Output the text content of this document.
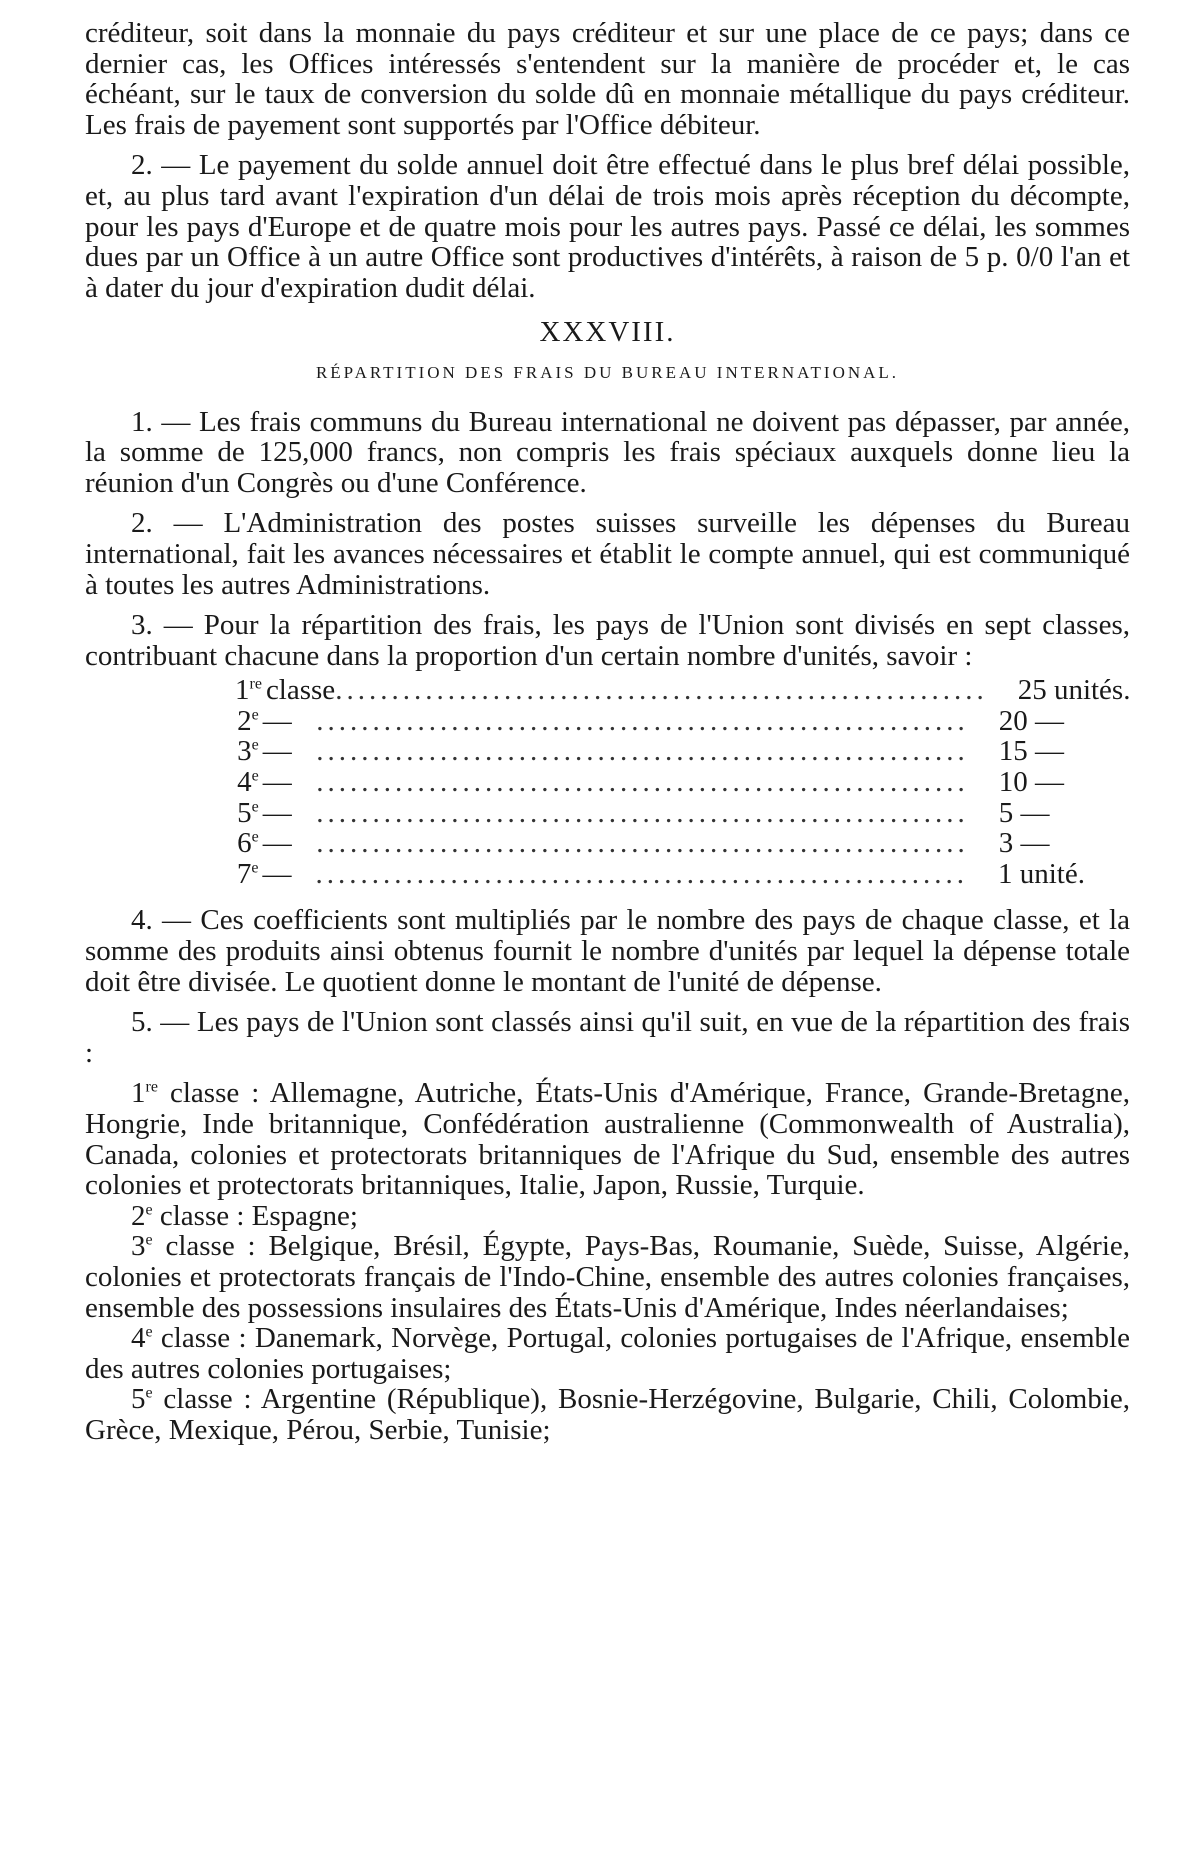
créditeur, soit dans la monnaie du pays créditeur et sur une place de ce pays; dans ce dernier cas, les Offices intéressés s'entendent sur la manière de procéder et, le cas échéant, sur le taux de conversion du solde dû en monnaie métallique du pays créditeur. Les frais de payement sont supportés par l'Office débiteur.

2. — Le payement du solde annuel doit être effectué dans le plus bref délai possible, et, au plus tard avant l'expiration d'un délai de trois mois après réception du décompte, pour les pays d'Europe et de quatre mois pour les autres pays. Passé ce délai, les sommes dues par un Office à un autre Office sont productives d'intérêts, à raison de 5 p. 0/0 l'an et à dater du jour d'expiration dudit délai.

XXXVIII.
RÉPARTITION DES FRAIS DU BUREAU INTERNATIONAL.

1. — Les frais communs du Bureau international ne doivent pas dépasser, par année, la somme de 125,000 francs, non compris les frais spéciaux auxquels donne lieu la réunion d'un Congrès ou d'une Conférence.

2. — L'Administration des postes suisses surveille les dépenses du Bureau international, fait les avances nécessaires et établit le compte annuel, qui est communiqué à toutes les autres Administrations.

3. — Pour la répartition des frais, les pays de l'Union sont divisés en sept classes, contribuant chacune dans la proportion d'un certain nombre d'unités, savoir :

1re classe ..........................................................	25 unités.
2e — ..........................................................	20 —
3e — ..........................................................	15 —
4e — ..........................................................	10 —
5e — ..........................................................	5 —
6e — ..........................................................	3 —
7e — ..........................................................	1 unité.

4. — Ces coefficients sont multipliés par le nombre des pays de chaque classe, et la somme des produits ainsi obtenus fournit le nombre d'unités par lequel la dépense totale doit être divisée. Le quotient donne le montant de l'unité de dépense.

5. — Les pays de l'Union sont classés ainsi qu'il suit, en vue de la répartition des frais :

1re classe : Allemagne, Autriche, États-Unis d'Amérique, France, Grande-Bretagne, Hongrie, Inde britannique, Confédération australienne (Commonwealth of Australia), Canada, colonies et protectorats britanniques de l'Afrique du Sud, ensemble des autres colonies et protectorats britanniques, Italie, Japon, Russie, Turquie.

2e classe : Espagne;

3e classe : Belgique, Brésil, Égypte, Pays-Bas, Roumanie, Suède, Suisse, Algérie, colonies et protectorats français de l'Indo-Chine, ensemble des autres colonies françaises, ensemble des possessions insulaires des États-Unis d'Amérique, Indes néerlandaises;

4e classe : Danemark, Norvège, Portugal, colonies portugaises de l'Afrique, ensemble des autres colonies portugaises;

5e classe : Argentine (République), Bosnie-Herzégovine, Bulgarie, Chili, Colombie, Grèce, Mexique, Pérou, Serbie, Tunisie;
